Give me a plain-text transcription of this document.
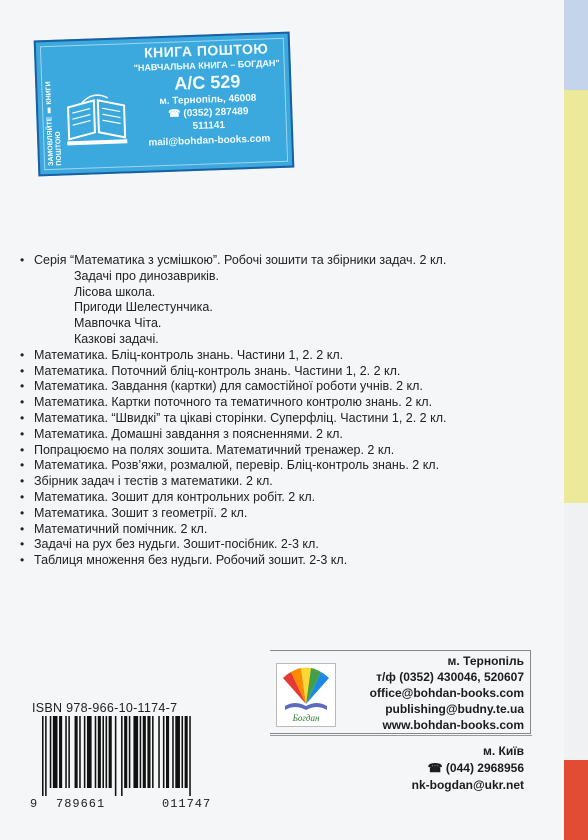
ЗАМОВЛЯЙТЕ ▮ КНИГИ ПОШТОЮ
КНИГА ПОШТОЮ
"НАВЧАЛЬНА КНИГА – БОГДАН"
А/С 529
м. Тернопіль, 46008
☎ (0352) 287489
511141
mail@bohdan-books.com
• Серія “Математика з усмішкою”. Робочі зошити та збірники задач. 2 кл.
Задачі про динозавриків.
Лісова школа.
Пригоди Шелестунчика.
Мавпочка Чіта.
Казкові задачі.
• Математика. Бліц-контроль знань. Частини 1, 2. 2 кл.
• Математика. Поточний бліц-контроль знань. Частини 1, 2. 2 кл.
• Математика. Завдання (картки) для самостійної роботи учнів. 2 кл.
• Математика. Картки поточного та тематичного контролю знань. 2 кл.
• Математика. “Швидкі” та цікаві сторінки. Суперфліц. Частини 1, 2. 2 кл.
• Математика. Домашні завдання з поясненнями. 2 кл.
• Попрацюємо на полях зошита. Математичний тренажер. 2 кл.
• Математика. Розв’яжи, розмалюй, перевір. Бліц-контроль знань. 2 кл.
• Збірник задач і тестів з математики. 2 кл.
• Математика. Зошит для контрольних робіт. 2 кл.
• Математика. Зошит з геометрії. 2 кл.
• Математичний помічник. 2 кл.
• Задачі на рух без нудьги. Зошит-посібник. 2-3 кл.
• Таблиця множення без нудьги. Робочий зошит. 2-3 кл.
Богдан
м. Тернопіль
т/ф (0352) 430046, 520607
office@bohdan-books.com
publishing@budny.te.ua
www.bohdan-books.com
м. Київ
☎ (044) 2968956
nk-bogdan@ukr.net
ISBN 978-966-10-1174-7
9 789661	011747
